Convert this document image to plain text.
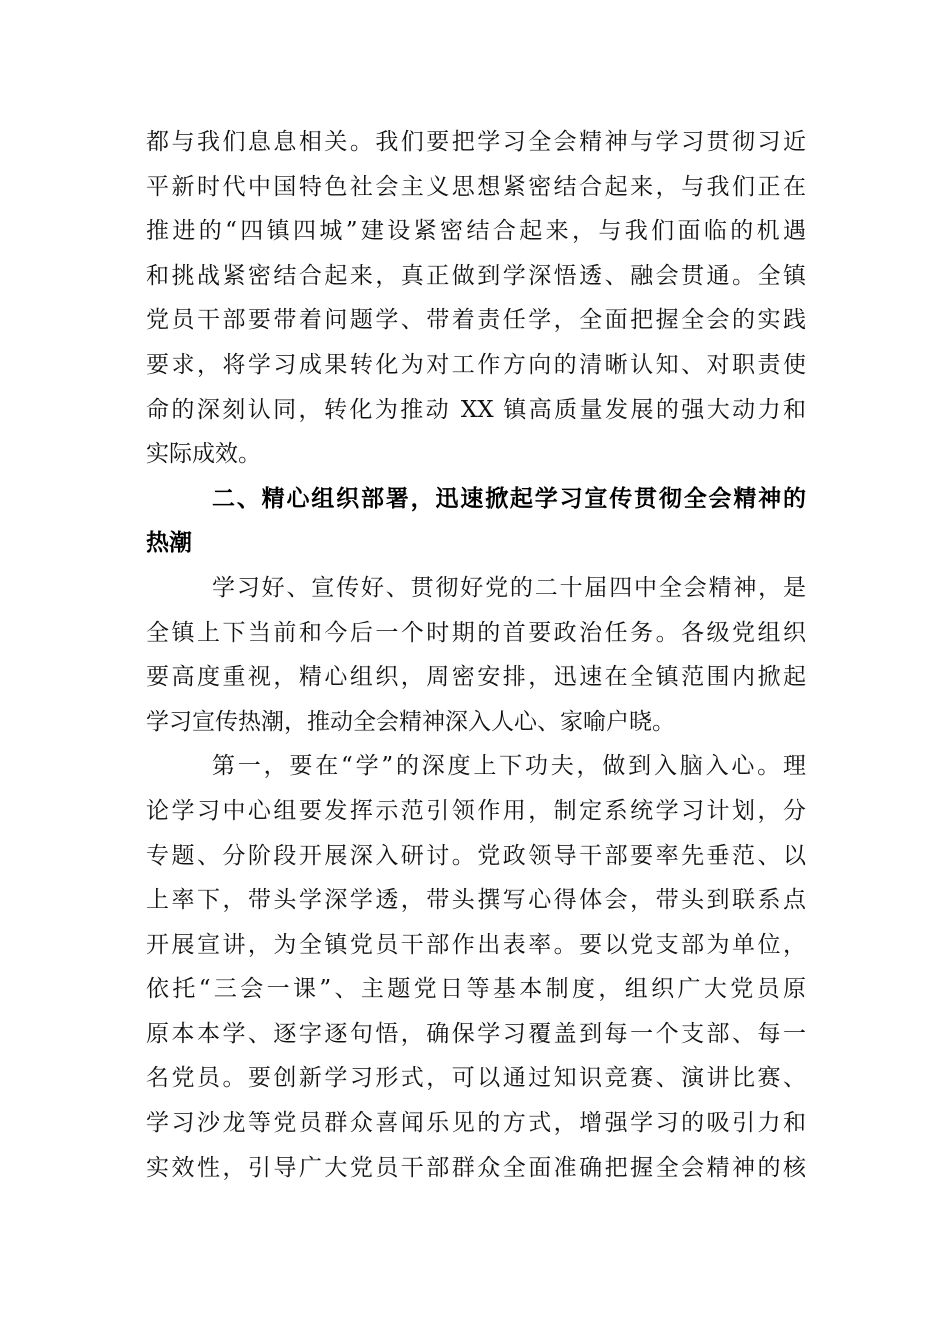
都与我们息息相关。我们要把学习全会精神与学习贯彻习近
平新时代中国特色社会主义思想紧密结合起来，与我们正在
推进的“四镇四城”建设紧密结合起来，与我们面临的机遇
和挑战紧密结合起来，真正做到学深悟透、融会贯通。全镇
党员干部要带着问题学、带着责任学，全面把握全会的实践
要求，将学习成果转化为对工作方向的清晰认知、对职责使
命的深刻认同，转化为推动 XX 镇高质量发展的强大动力和
实际成效。
二、精心组织部署，迅速掀起学习宣传贯彻全会精神的
热潮
学习好、宣传好、贯彻好党的二十届四中全会精神，是
全镇上下当前和今后一个时期的首要政治任务。各级党组织
要高度重视，精心组织，周密安排，迅速在全镇范围内掀起
学习宣传热潮，推动全会精神深入人心、家喻户晓。
第一，要在“学”的深度上下功夫，做到入脑入心。理
论学习中心组要发挥示范引领作用，制定系统学习计划，分
专题、分阶段开展深入研讨。党政领导干部要率先垂范、以
上率下，带头学深学透，带头撰写心得体会，带头到联系点
开展宣讲，为全镇党员干部作出表率。要以党支部为单位，
依托“三会一课”、主题党日等基本制度，组织广大党员原
原本本学、逐字逐句悟，确保学习覆盖到每一个支部、每一
名党员。要创新学习形式，可以通过知识竞赛、演讲比赛、
学习沙龙等党员群众喜闻乐见的方式，增强学习的吸引力和
实效性，引导广大党员干部群众全面准确把握全会精神的核
